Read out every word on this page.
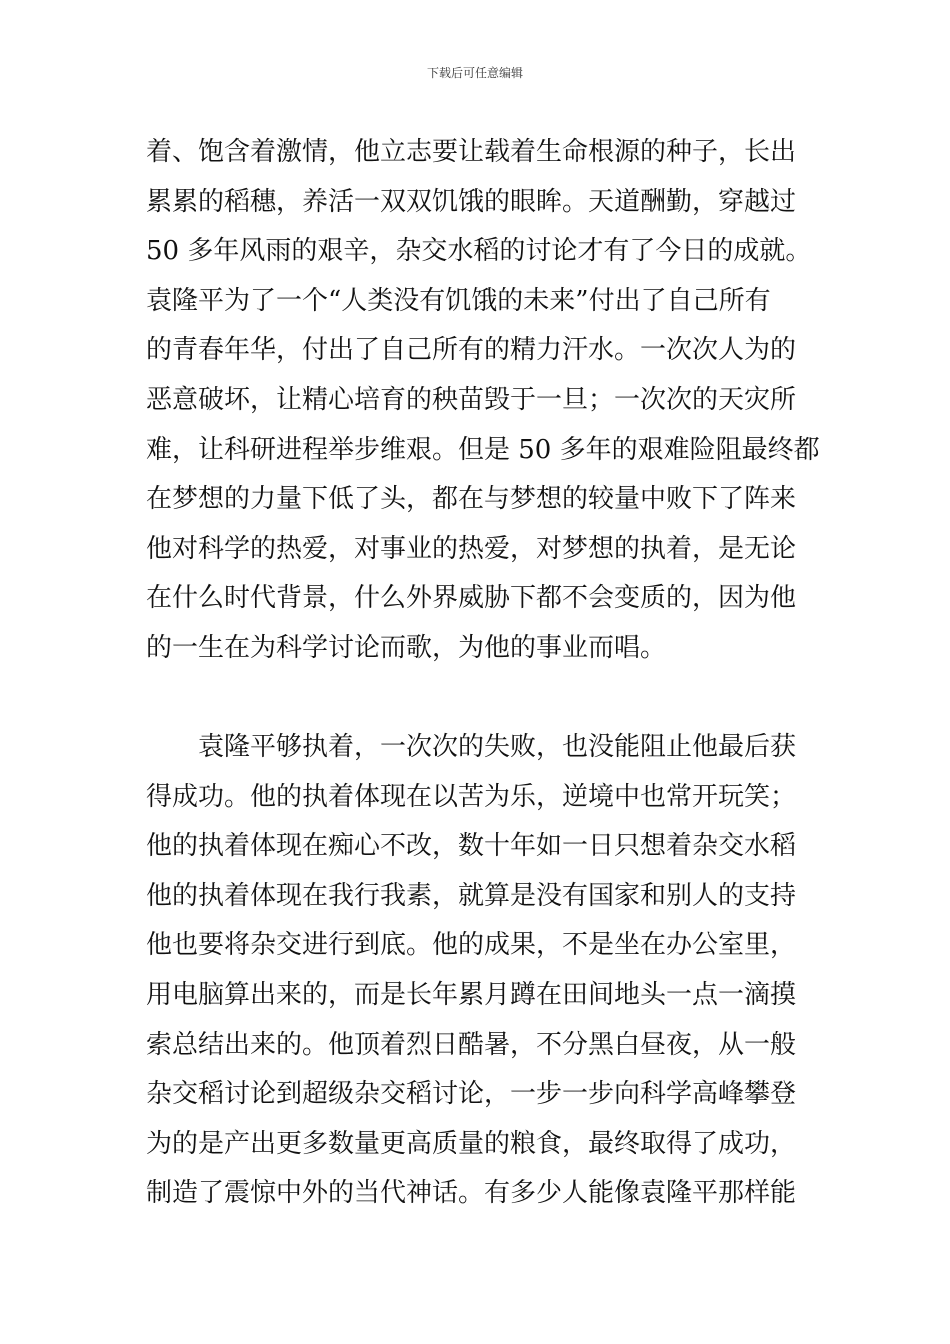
下载后可任意编辑
着、饱含着激情，他立志要让载着生命根源的种子，长出
累累的稻穗，养活一双双饥饿的眼眸。天道酬勤，穿越过
50 多年风雨的艰辛，杂交水稻的讨论才有了今日的成就。
袁隆平为了一个“人类没有饥饿的未来”付出了自己所有
的青春年华，付出了自己所有的精力汗水。一次次人为的
恶意破坏，让精心培育的秧苗毁于一旦；一次次的天灾所
难，让科研进程举步维艰。但是 50 多年的艰难险阻最终都
在梦想的力量下低了头，都在与梦想的较量中败下了阵来
他对科学的热爱，对事业的热爱，对梦想的执着，是无论
在什么时代背景，什么外界威胁下都不会变质的，因为他
的一生在为科学讨论而歌，为他的事业而唱。
　　袁隆平够执着，一次次的失败，也没能阻止他最后获
得成功。他的执着体现在以苦为乐，逆境中也常开玩笑；
他的执着体现在痴心不改，数十年如一日只想着杂交水稻
他的执着体现在我行我素，就算是没有国家和别人的支持
他也要将杂交进行到底。他的成果，不是坐在办公室里，
用电脑算出来的，而是长年累月蹲在田间地头一点一滴摸
索总结出来的。他顶着烈日酷暑，不分黑白昼夜，从一般
杂交稻讨论到超级杂交稻讨论，一步一步向科学高峰攀登
为的是产出更多数量更高质量的粮食，最终取得了成功，
制造了震惊中外的当代神话。有多少人能像袁隆平那样能
